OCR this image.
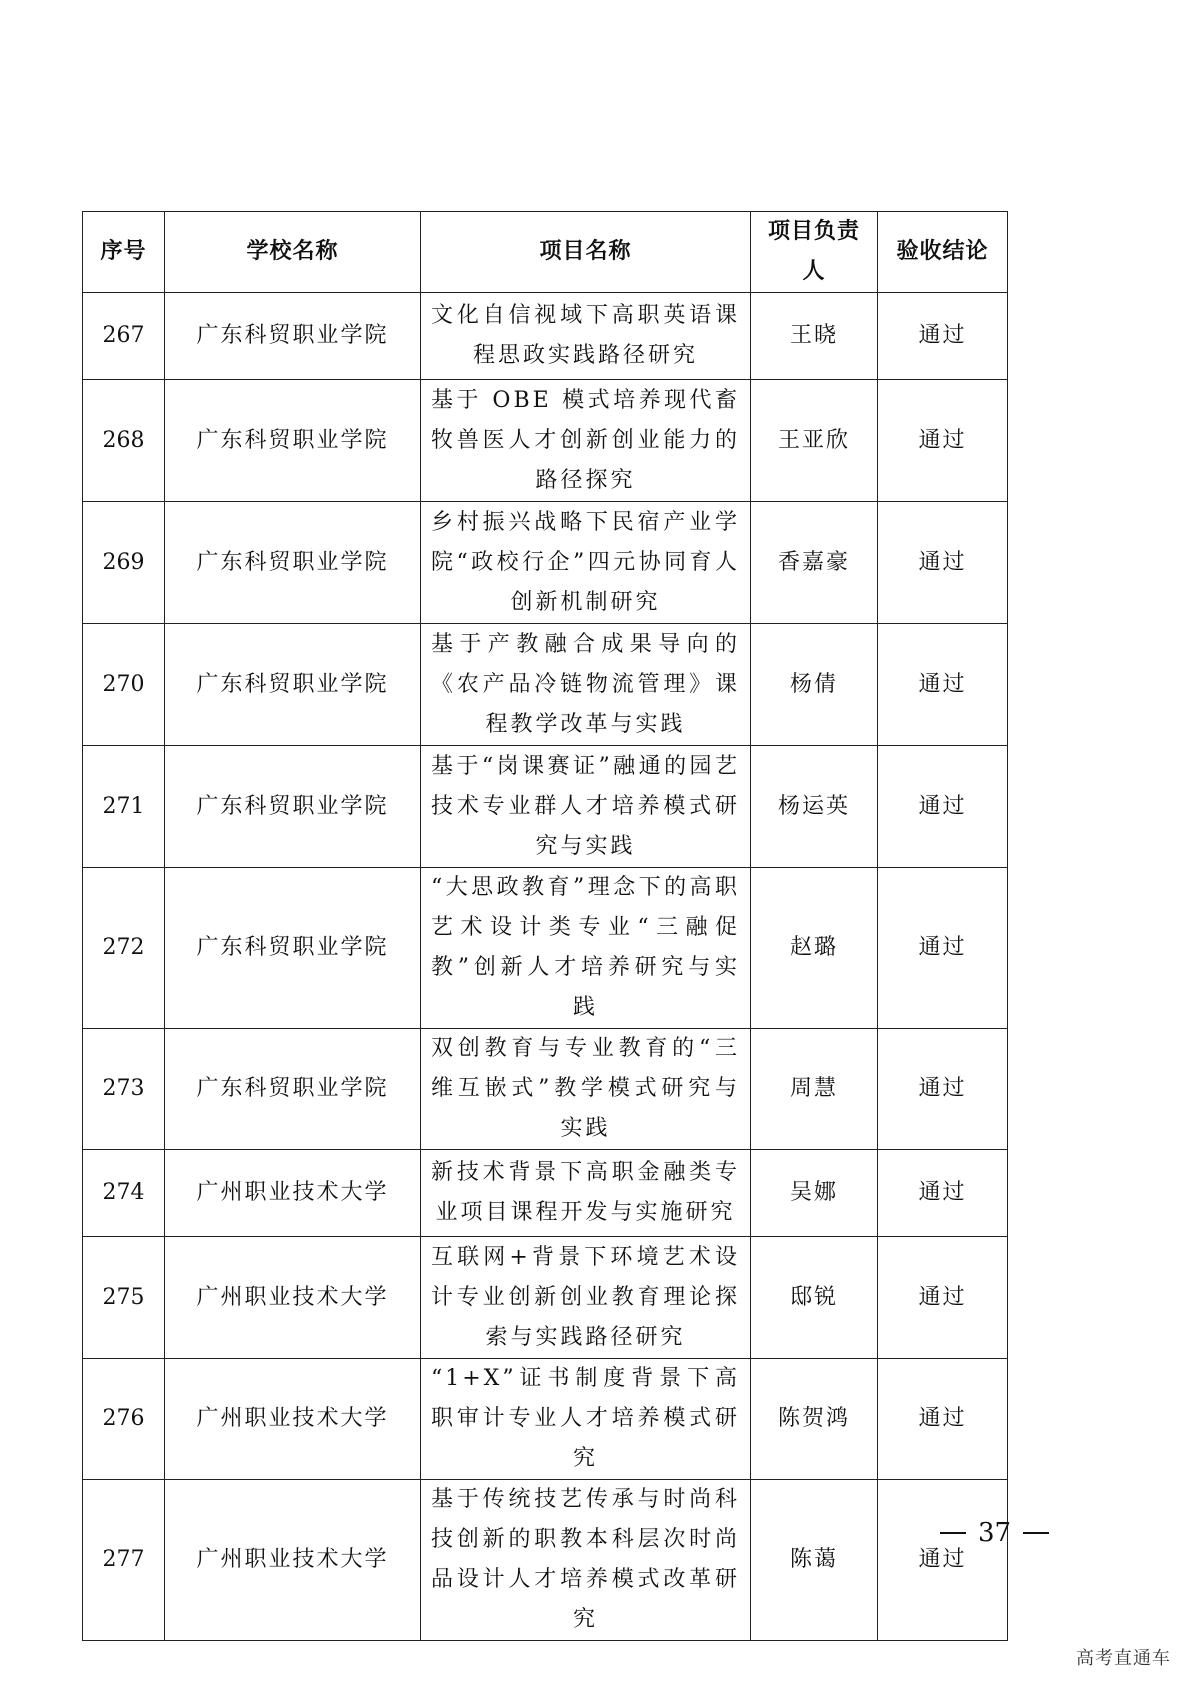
序号	学校名称	项目名称	项目负责人	验收结论
267	广东科贸职业学院	文化自信视域下高职英语课程思政实践路径研究	王晓	通过
268	广东科贸职业学院	基于 OBE 模式培养现代畜牧兽医人才创新创业能力的路径探究	王亚欣	通过
269	广东科贸职业学院	乡村振兴战略下民宿产业学院“政校行企”四元协同育人创新机制研究	香嘉豪	通过
270	广东科贸职业学院	基于产教融合成果导向的《农产品冷链物流管理》课程教学改革与实践	杨倩	通过
271	广东科贸职业学院	基于“岗课赛证”融通的园艺技术专业群人才培养模式研究与实践	杨运英	通过
272	广东科贸职业学院	“大思政教育”理念下的高职艺术设计类专业“三融促教”创新人才培养研究与实践	赵璐	通过
273	广东科贸职业学院	双创教育与专业教育的“三维互嵌式”教学模式研究与实践	周慧	通过
274	广州职业技术大学	新技术背景下高职金融类专业项目课程开发与实施研究	吴娜	通过
275	广州职业技术大学	互联网+背景下环境艺术设计专业创新创业教育理论探索与实践路径研究	邸锐	通过
276	广州职业技术大学	“1+X”证书制度背景下高职审计专业人才培养模式研究	陈贺鸿	通过
277	广州职业技术大学	基于传统技艺传承与时尚科技创新的职教本科层次时尚品设计人才培养模式改革研究	陈蔼	通过
37
高考直通车
